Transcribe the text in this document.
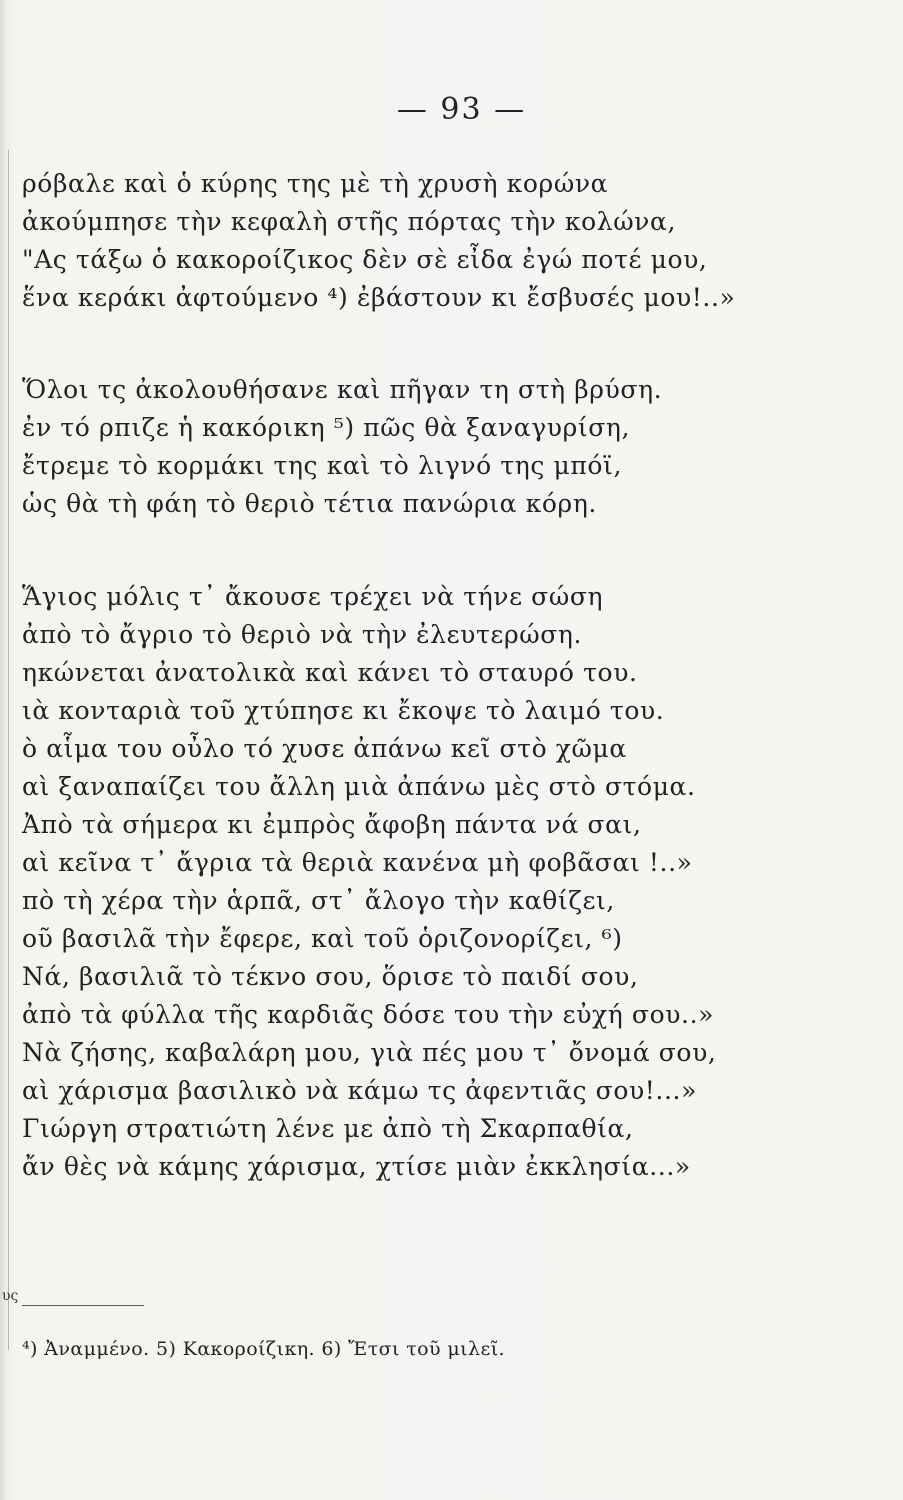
— 93 —
ρόβαλε καὶ ὁ κύρης της μὲ τὴ χρυσὴ κορώνα
ἀκούμπησε τὴν κεφαλὴ στῆς πόρτας τὴν κολώνα,
"Ας τάξω ὁ κακοροίζικος δὲν σὲ εἶδα ἐγώ ποτέ μου,
ἕνα κεράκι ἀφτούμενο ⁴) ἐβάστουν κι ἔσβυσές μου!..»
Ὅλοι τς ἀκολουθήσανε καὶ πῆγαν τη στὴ βρύση.
ἐν τό ρπιζε ἡ κακόρικη ⁵) πῶς θὰ ξαναγυρίση,
ἔτρεμε τὸ κορμάκι της καὶ τὸ λιγνό της μπόϊ,
ὡς θὰ τὴ φάη τὸ θεριὸ τέτια πανώρια κόρη.
Ἅγιος μόλις τ᾽ ἄκουσε τρέχει νὰ τήνε σώση
ἀπὸ τὸ ἄγριο τὸ θεριὸ νὰ τὴν ἐλευτερώση.
ηκώνεται ἀνατολικὰ καὶ κάνει τὸ σταυρό του.
ιὰ κονταριὰ τοῦ χτύπησε κι ἔκοψε τὸ λαιμό του.
ὸ αἷμα του οὖλο τό χυσε ἀπάνω κεῖ στὸ χῶμα
αὶ ξαναπαίζει του ἄλλη μιὰ ἀπάνω μὲς στὸ στόμα.
Ἀπὸ τὰ σήμερα κι ἐμπρὸς ἄφοβη πάντα νά σαι,
αὶ κεῖνα τ᾽ ἄγρια τὰ θεριὰ κανένα μὴ φοβᾶσαι !..»
πὸ τὴ χέρα τὴν ἁρπᾶ, στ᾽ ἄλογο τὴν καθίζει,
οῦ βασιλᾶ τὴν ἔφερε, καὶ τοῦ ὁριζονορίζει, ⁶)
Νά, βασιλιᾶ τὸ τέκνο σου, ὅρισε τὸ παιδί σου,
ἀπὸ τὰ φύλλα τῆς καρδιᾶς δόσε του τὴν εὐχή σου..»
Νὰ ζήσης, καβαλάρη μου, γιὰ πές μου τ᾽ ὄνομά σου,
αὶ χάρισμα βασιλικὸ νὰ κάμω τς ἀφεντιᾶς σου!...»
Γιώργη στρατιώτη λένε με ἀπὸ τὴ Σκαρπαθία,
ἄν θὲς νὰ κάμης χάρισμα, χτίσε μιὰν ἐκκλησία...»
υς
⁴) Ἀναμμένο. 5) Κακοροίζικη. 6) Ἔτσι τοῦ μιλεῖ.
